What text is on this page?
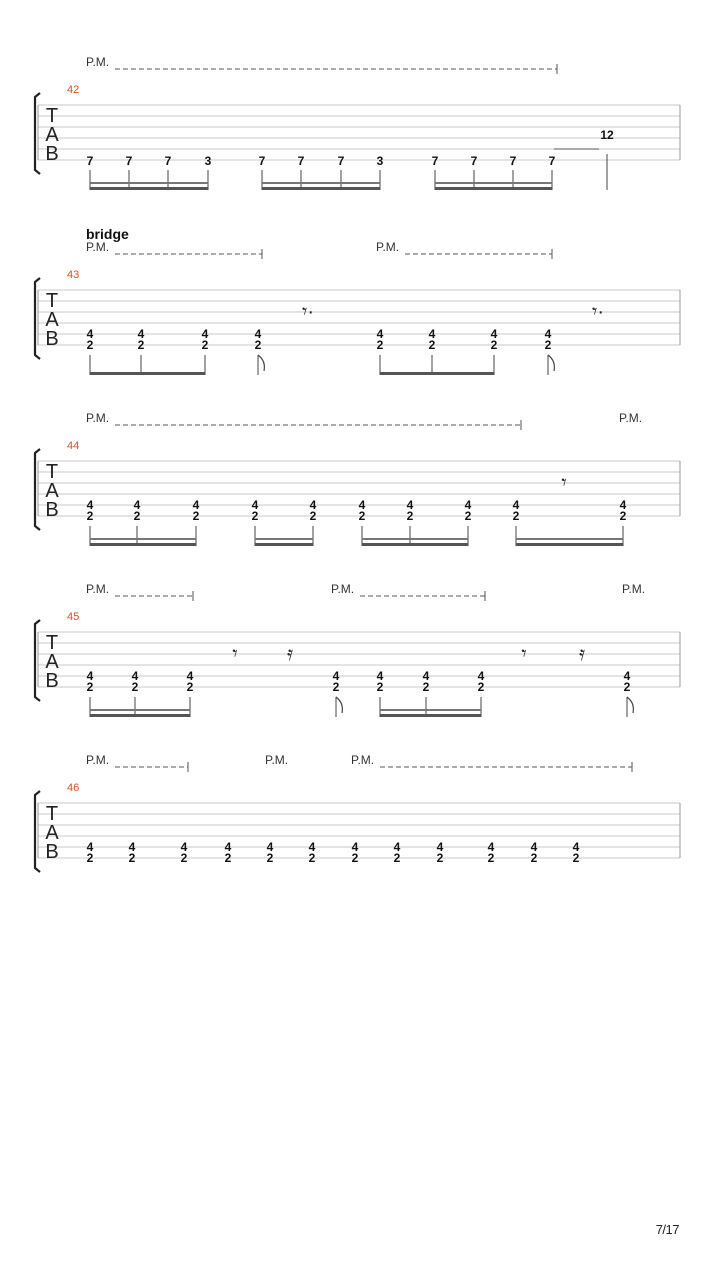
P.M.
42
T
A
B 7	7	7	3	7	7	7	3	7	7	7	7
12
P.M.	P.M.
bridge
43
T
A
B 4
2
4
2
4
2
4
2
4
2
4
2
4
2
4
2
𝄾·	𝄾·
P.M.	P.M.
44
T
A
B 4
2
4
2
4
2
4
2
4
2
4
2
4
2
4
2
4
2
4
2
𝄾
P.M.	P.M.	P.M.
45
T
A
B 4
2
4
2
4
2
4
2
4
2
4
2
4
2
4
2
𝄾 𝄿	𝄾	𝄿
P.M.	P.M.	P.M.
46
T
A
B 4
2
4
2
4
2
4
2
4
2
4
2
4
2
4
2
4
2
4
2
4
2
4
2
7/17
